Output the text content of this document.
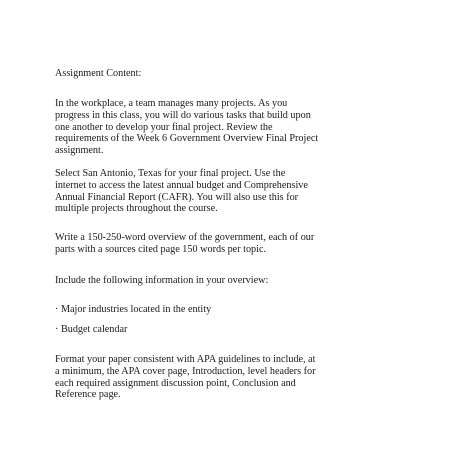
Assignment Content:

In the workplace, a team manages many projects. As you
progress in this class, you will do various tasks that build upon
one another to develop your final project. Review the
requirements of the Week 6 Government Overview Final Project
assignment.

Select San Antonio, Texas for your final project. Use the
internet to access the latest annual budget and Comprehensive
Annual Financial Report (CAFR). You will also use this for
multiple projects throughout the course.

Write a 150-250-word overview of the government, each of our
parts with a sources cited page 150 words per topic.

Include the following information in your overview:

· Major industries located in the entity

· Budget calendar

Format your paper consistent with APA guidelines to include, at
a minimum, the APA cover page, Introduction, level headers for
each required assignment discussion point, Conclusion and
Reference page.
